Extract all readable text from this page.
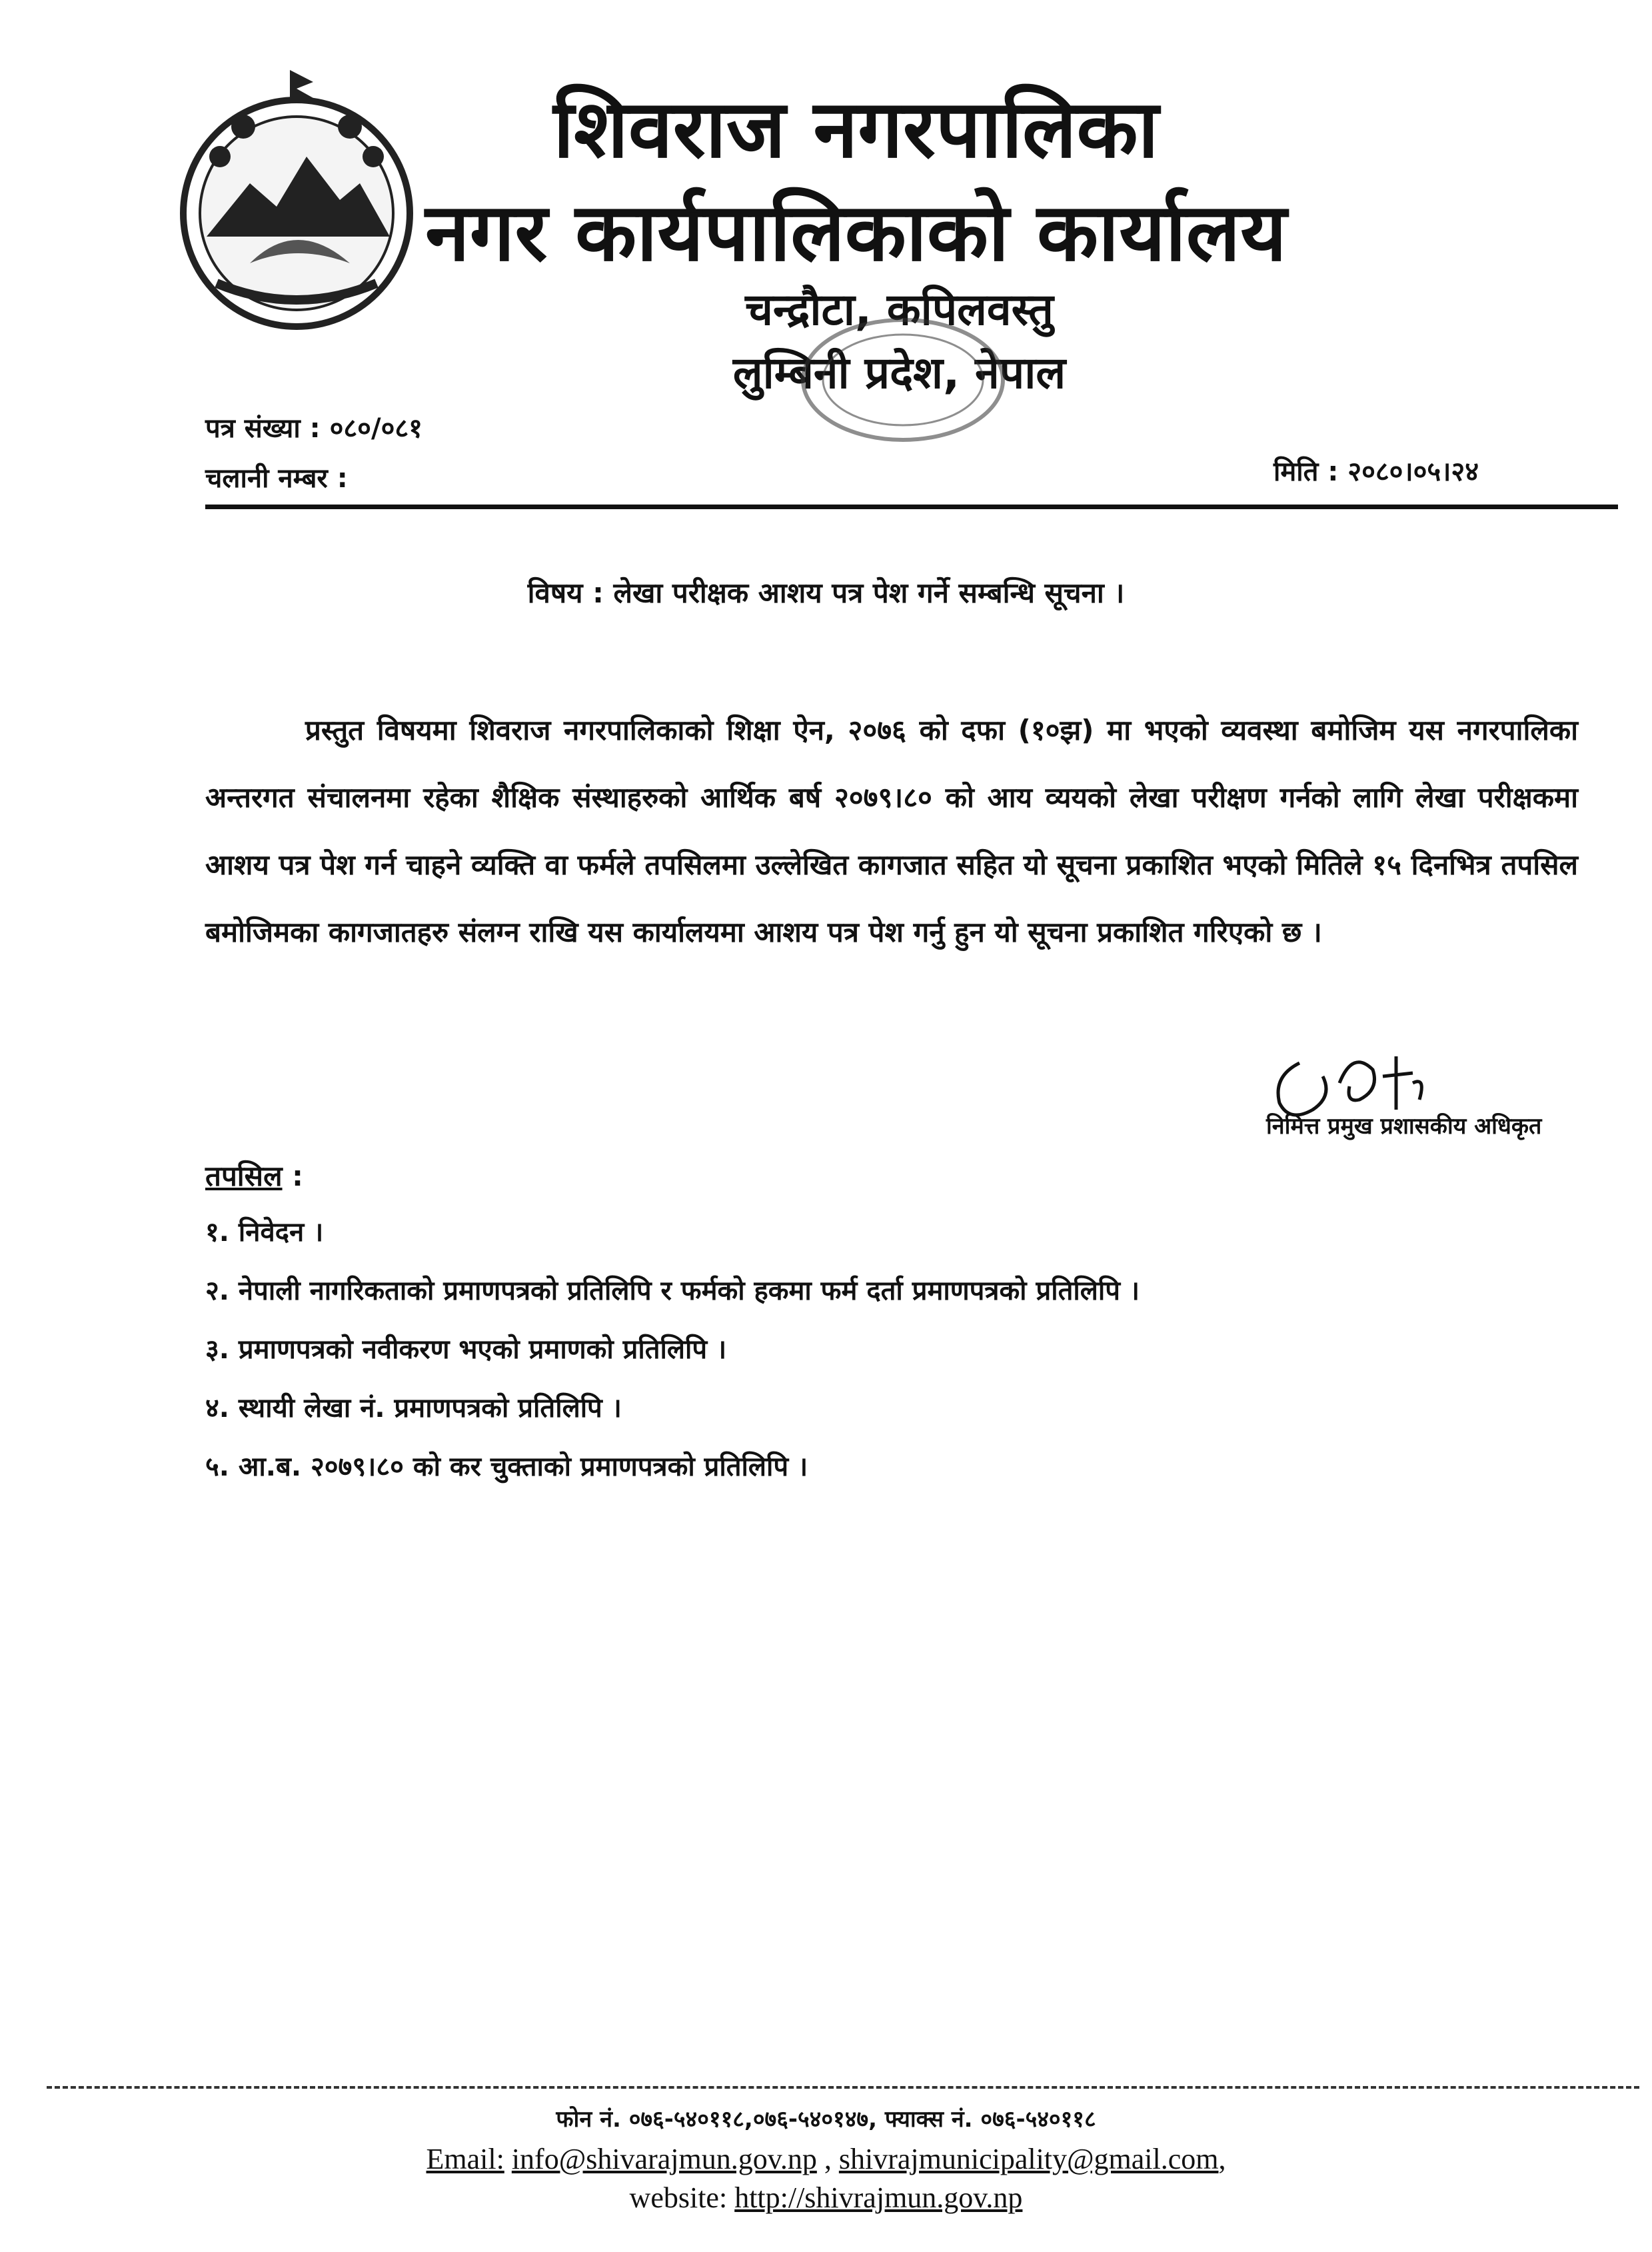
शिवराज नगरपालिका
नगर कार्यपालिकाको कार्यालय
चन्द्रौटा, कपिलवस्तु
लुम्बिनी प्रदेश, नेपाल
पत्र संख्या : ०८०/०८१
चलानी नम्बर :	मिति : २०८०।०५।२४
विषय : लेखा परीक्षक आशय पत्र पेश गर्ने सम्बन्धि सूचना ।
प्रस्तुत विषयमा शिवराज नगरपालिकाको शिक्षा ऐन, २०७६ को दफा (१०झ) मा भएको व्यवस्था बमोजिम यस नगरपालिका अन्तरगत संचालनमा रहेका शैक्षिक संस्थाहरुको आर्थिक बर्ष २०७९।८० को आय व्ययको लेखा परीक्षण गर्नको लागि लेखा परीक्षकमा आशय पत्र पेश गर्न चाहने व्यक्ति वा फर्मले तपसिलमा उल्लेखित कागजात सहित यो सूचना प्रकाशित भएको मितिले १५ दिनभित्र तपसिल बमोजिमका कागजातहरु संलग्न राखि यस कार्यालयमा आशय पत्र पेश गर्नु हुन यो सूचना प्रकाशित गरिएको छ ।
निमित्त प्रमुख प्रशासकीय अधिकृत
तपसिल :
१. निवेदन ।
२. नेपाली नागरिकताको प्रमाणपत्रको प्रतिलिपि र फर्मको हकमा फर्म दर्ता प्रमाणपत्रको प्रतिलिपि ।
३. प्रमाणपत्रको नवीकरण भएको प्रमाणको प्रतिलिपि ।
४. स्थायी लेखा नं. प्रमाणपत्रको प्रतिलिपि ।
५. आ.ब. २०७९।८० को कर चुक्ताको प्रमाणपत्रको प्रतिलिपि ।
फोन नं. ०७६-५४०११८,०७६-५४०१४७, फ्याक्स नं. ०७६-५४०११८
Email: info@shivarajmun.gov.np , shivrajmunicipality@gmail.com,
website: http://shivrajmun.gov.np
